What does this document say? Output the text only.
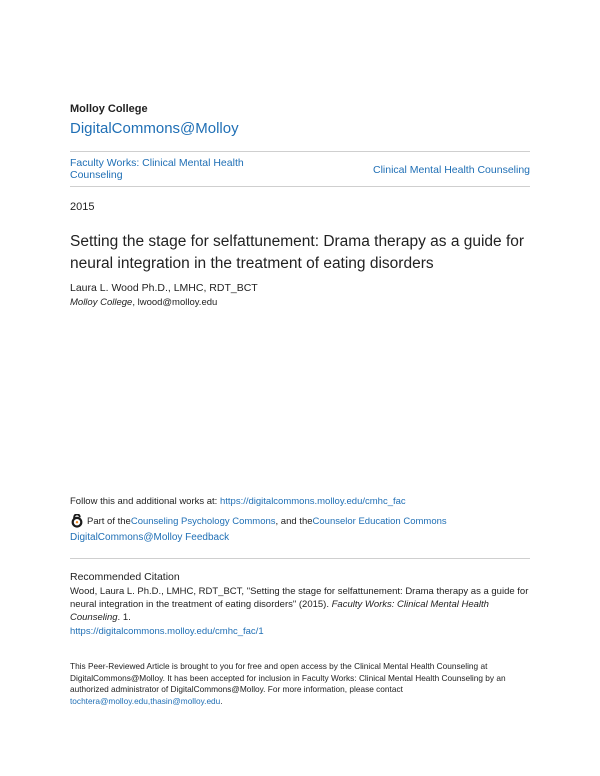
Molloy College
DigitalCommons@Molloy
Faculty Works: Clinical Mental Health Counseling	Clinical Mental Health Counseling
2015
Setting the stage for selfattunement: Drama therapy as a guide for neural integration in the treatment of eating disorders
Laura L. Wood Ph.D., LMHC, RDT_BCT
Molloy College, lwood@molloy.edu
Follow this and additional works at: https://digitalcommons.molloy.edu/cmhc_fac
Part of the Counseling Psychology Commons , and the Counselor Education Commons
DigitalCommons@Molloy Feedback
Recommended Citation
Wood, Laura L. Ph.D., LMHC, RDT_BCT, "Setting the stage for selfattunement: Drama therapy as a guide for neural integration in the treatment of eating disorders" (2015). Faculty Works: Clinical Mental Health Counseling. 1.
https://digitalcommons.molloy.edu/cmhc_fac/1
This Peer-Reviewed Article is brought to you for free and open access by the Clinical Mental Health Counseling at DigitalCommons@Molloy. It has been accepted for inclusion in Faculty Works: Clinical Mental Health Counseling by an authorized administrator of DigitalCommons@Molloy. For more information, please contact tochtera@molloy.edu,thasin@molloy.edu.
